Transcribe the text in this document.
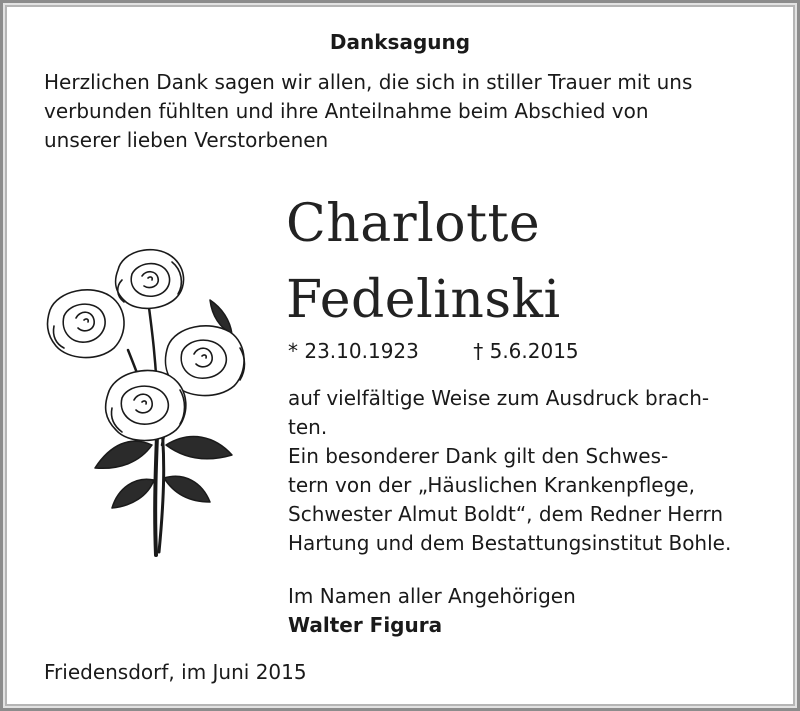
Danksagung
Herzlichen Dank sagen wir allen, die sich in stiller Trauer mit uns
verbunden fühlten und ihre Anteilnahme beim Abschied von
unserer lieben Verstorbenen
Charlotte
Fedelinski
* 23.10.1923	† 5.6.2015
auf vielfältige Weise zum Ausdruck brach-
ten.
Ein besonderer Dank gilt den Schwes-
tern von der „Häuslichen Krankenpflege,
Schwester Almut Boldt“, dem Redner Herrn
Hartung und dem Bestattungsinstitut Bohle.
Im Namen aller Angehörigen
Walter Figura
Friedensdorf, im Juni 2015
